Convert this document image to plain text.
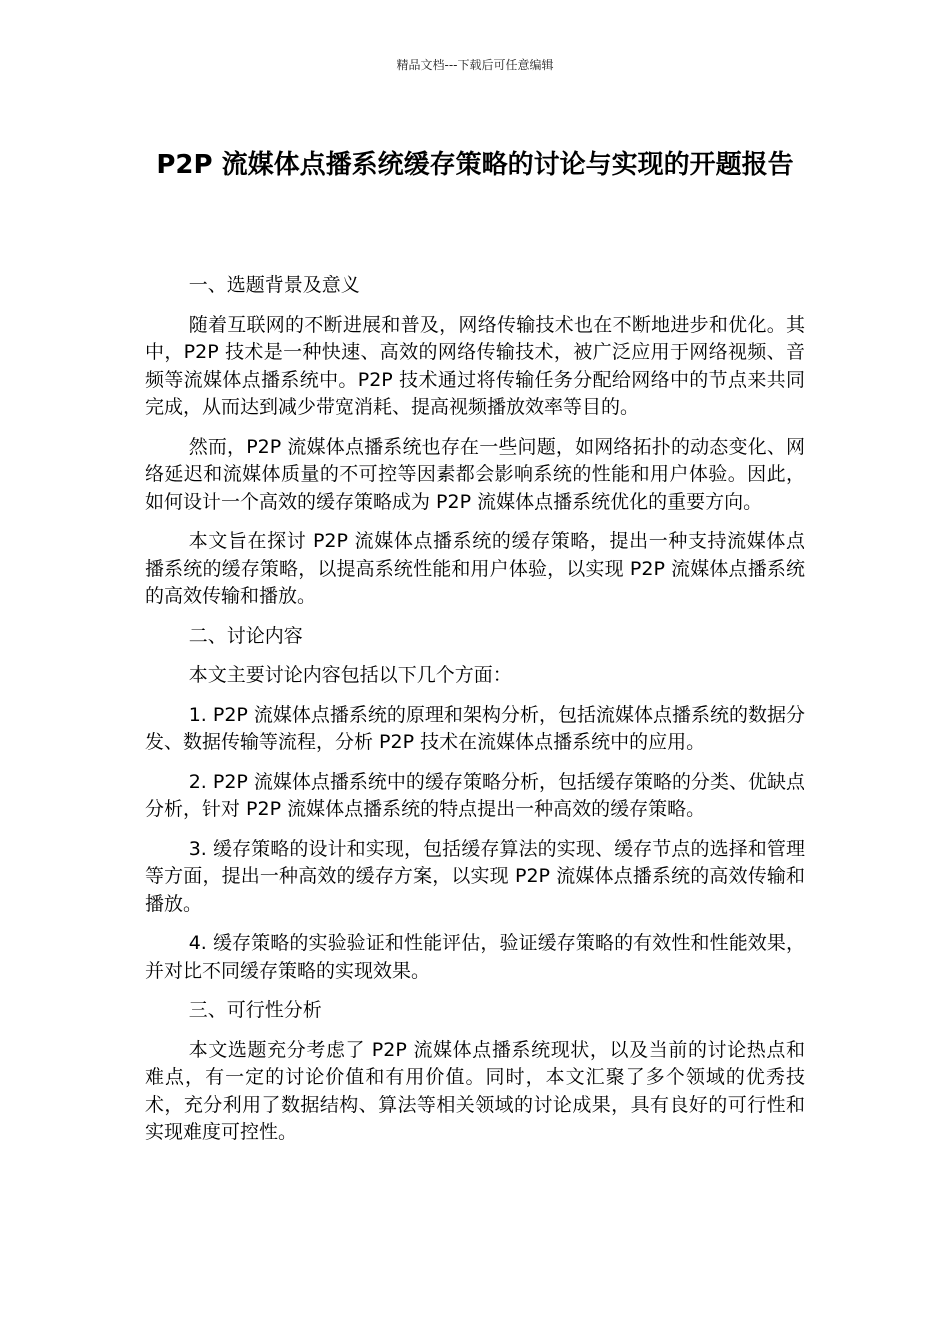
精品文档---下载后可任意编辑
P2P 流媒体点播系统缓存策略的讨论与实现的开题报告

一、选题背景及意义

随着互联网的不断进展和普及，网络传输技术也在不断地进步和优化。其中，P2P 技术是一种快速、高效的网络传输技术，被广泛应用于网络视频、音频等流媒体点播系统中。P2P 技术通过将传输任务分配给网络中的节点来共同完成，从而达到减少带宽消耗、提高视频播放效率等目的。

然而，P2P 流媒体点播系统也存在一些问题，如网络拓扑的动态变化、网络延迟和流媒体质量的不可控等因素都会影响系统的性能和用户体验。因此，如何设计一个高效的缓存策略成为 P2P 流媒体点播系统优化的重要方向。

本文旨在探讨 P2P 流媒体点播系统的缓存策略，提出一种支持流媒体点播系统的缓存策略，以提高系统性能和用户体验，以实现 P2P 流媒体点播系统的高效传输和播放。

二、讨论内容

本文主要讨论内容包括以下几个方面：

1. P2P 流媒体点播系统的原理和架构分析，包括流媒体点播系统的数据分发、数据传输等流程，分析 P2P 技术在流媒体点播系统中的应用。

2. P2P 流媒体点播系统中的缓存策略分析，包括缓存策略的分类、优缺点分析，针对 P2P 流媒体点播系统的特点提出一种高效的缓存策略。

3. 缓存策略的设计和实现，包括缓存算法的实现、缓存节点的选择和管理等方面，提出一种高效的缓存方案，以实现 P2P 流媒体点播系统的高效传输和播放。

4. 缓存策略的实验验证和性能评估，验证缓存策略的有效性和性能效果，并对比不同缓存策略的实现效果。

三、可行性分析

本文选题充分考虑了 P2P 流媒体点播系统现状，以及当前的讨论热点和难点，有一定的讨论价值和有用价值。同时，本文汇聚了多个领域的优秀技术，充分利用了数据结构、算法等相关领域的讨论成果，具有良好的可行性和实现难度可控性。
